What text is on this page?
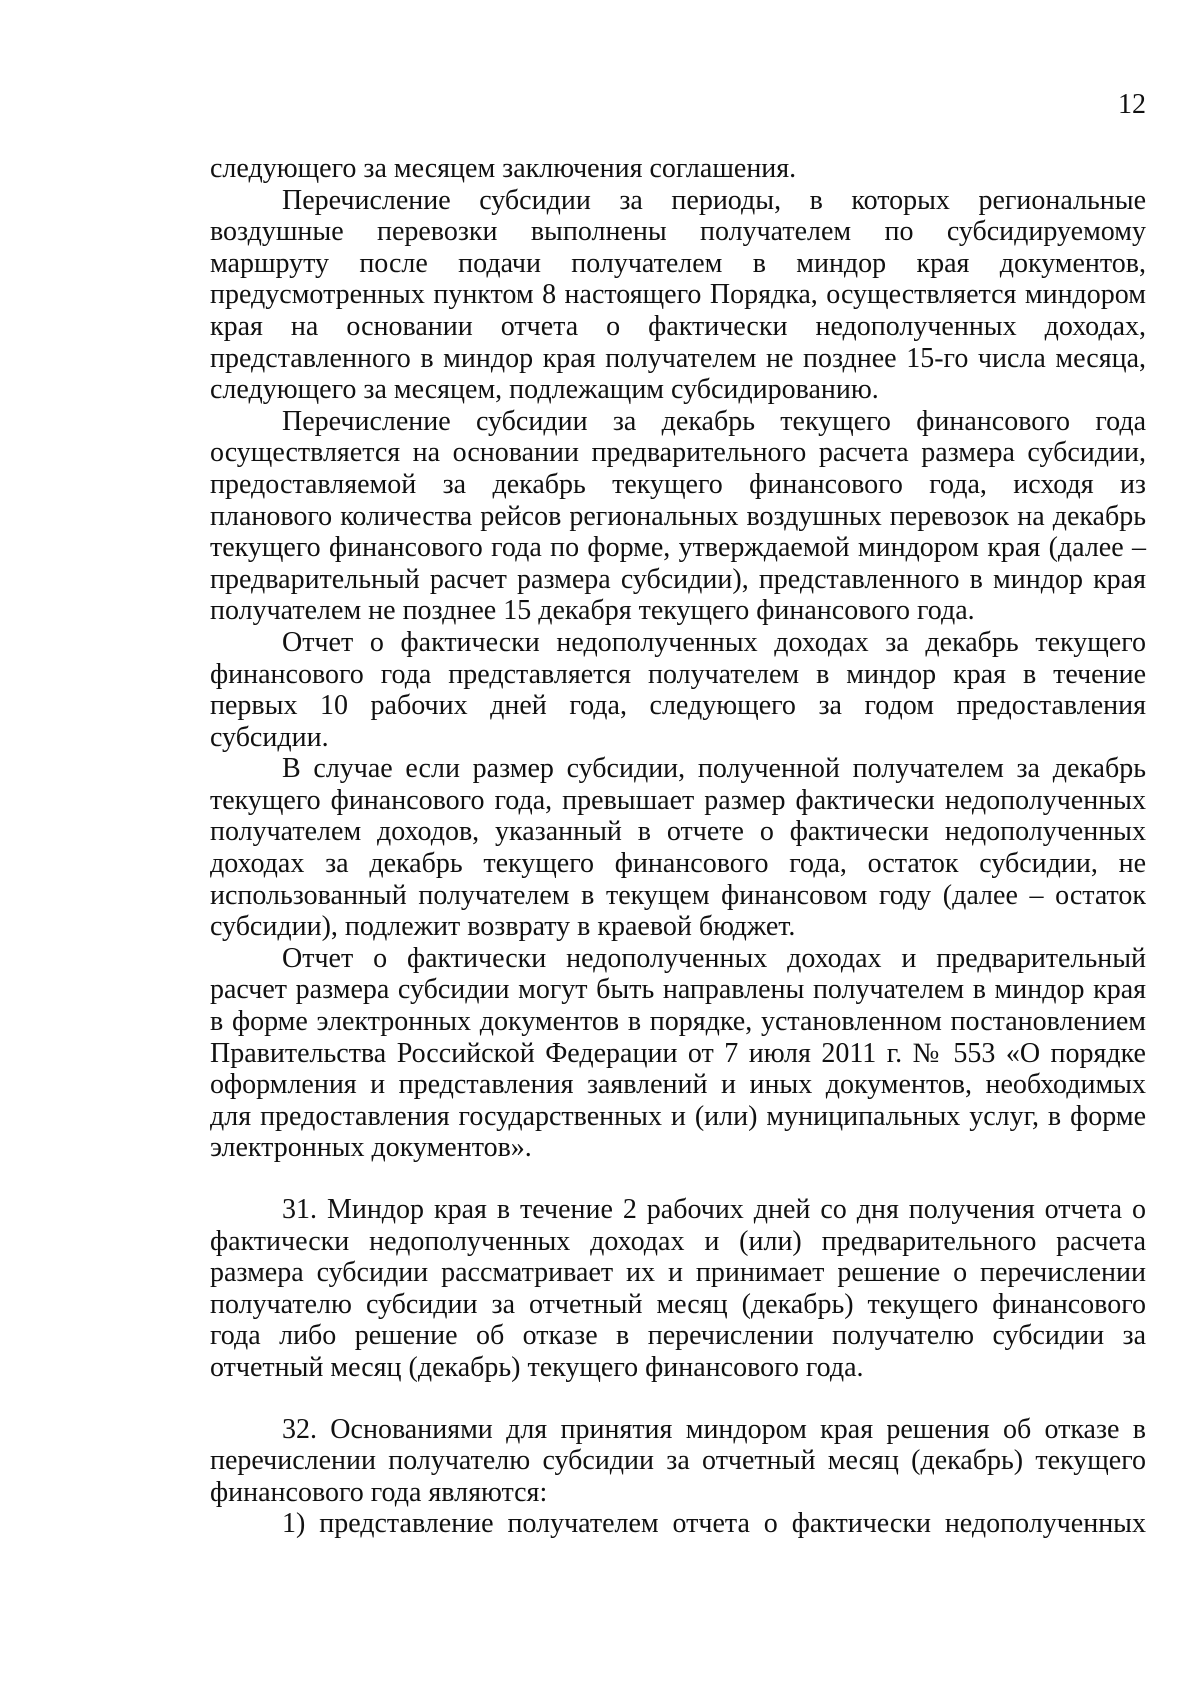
12
следующего за месяцем заключения соглашения.
Перечисление субсидии за периоды, в которых региональные
воздушные перевозки выполнены получателем по субсидируемому
маршруту после подачи получателем в миндор края документов,
предусмотренных пунктом 8 настоящего Порядка, осуществляется миндором
края на основании отчета о фактически недополученных доходах,
представленного в миндор края получателем не позднее 15-го числа месяца,
следующего за месяцем, подлежащим субсидированию.
Перечисление субсидии за декабрь текущего финансового года
осуществляется на основании предварительного расчета размера субсидии,
предоставляемой за декабрь текущего финансового года, исходя из
планового количества рейсов региональных воздушных перевозок на декабрь
текущего финансового года по форме, утверждаемой миндором края (далее –
предварительный расчет размера субсидии), представленного в миндор края
получателем не позднее 15 декабря текущего финансового года.
Отчет о фактически недополученных доходах за декабрь текущего
финансового года представляется получателем в миндор края в течение
первых 10 рабочих дней года, следующего за годом предоставления
субсидии.
В случае если размер субсидии, полученной получателем за декабрь
текущего финансового года, превышает размер фактически недополученных
получателем доходов, указанный в отчете о фактически недополученных
доходах за декабрь текущего финансового года, остаток субсидии, не
использованный получателем в текущем финансовом году (далее – остаток
субсидии), подлежит возврату в краевой бюджет.
Отчет о фактически недополученных доходах и предварительный
расчет размера субсидии могут быть направлены получателем в миндор края
в форме электронных документов в порядке, установленном постановлением
Правительства Российской Федерации от 7 июля 2011 г. № 553 «О порядке
оформления и представления заявлений и иных документов, необходимых
для предоставления государственных и (или) муниципальных услуг, в форме
электронных документов».
31. Миндор края в течение 2 рабочих дней со дня получения отчета о
фактически недополученных доходах и (или) предварительного расчета
размера субсидии рассматривает их и принимает решение о перечислении
получателю субсидии за отчетный месяц (декабрь) текущего финансового
года либо решение об отказе в перечислении получателю субсидии за
отчетный месяц (декабрь) текущего финансового года.
32. Основаниями для принятия миндором края решения об отказе в
перечислении получателю субсидии за отчетный месяц (декабрь) текущего
финансового года являются:
1) представление получателем отчета о фактически недополученных
